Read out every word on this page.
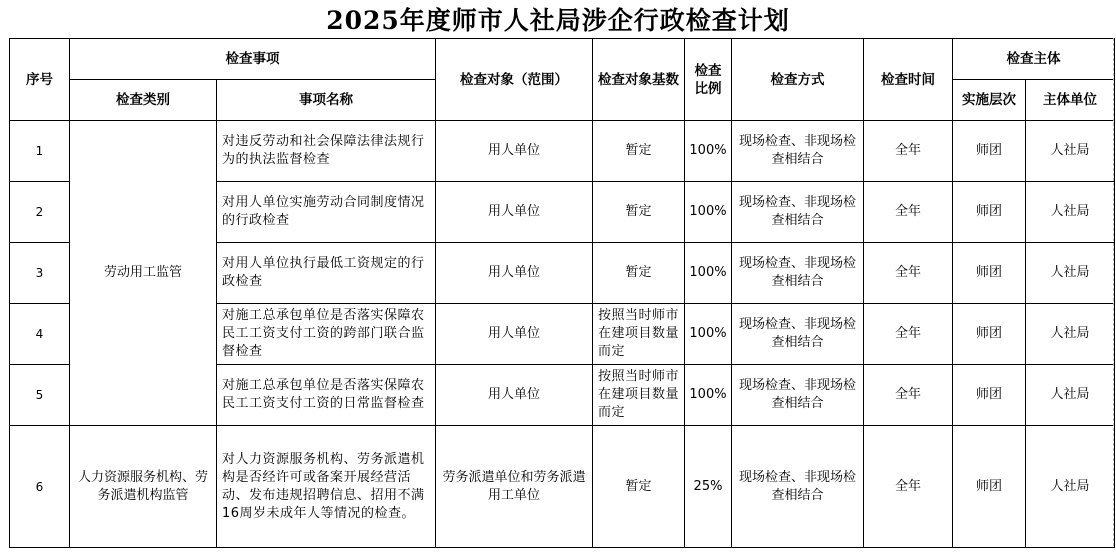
2025年度师市人社局涉企行政检查计划
序号	检查事项		检查对象（范围）	检查对象基数	检查比例	检查方式	检查时间	检查主体	
	检查类别	事项名称						实施层次	主体单位
1	劳动用工监管	对违反劳动和社会保障法律法规行为的执法监督检查	用人单位	暂定	100%	现场检查、非现场检查相结合	全年	师团	人社局
2		对用人单位实施劳动合同制度情况的行政检查	用人单位	暂定	100%	现场检查、非现场检查相结合	全年	师团	人社局
3		对用人单位执行最低工资规定的行政检查	用人单位	暂定	100%	现场检查、非现场检查相结合	全年	师团	人社局
4		对施工总承包单位是否落实保障农民工工资支付工资的跨部门联合监督检查	用人单位	按照当时师市在建项目数量而定	100%	现场检查、非现场检查相结合	全年	师团	人社局
5		对施工总承包单位是否落实保障农民工工资支付工资的日常监督检查	用人单位	按照当时师市在建项目数量而定	100%	现场检查、非现场检查相结合	全年	师团	人社局
6	人力资源服务机构、劳务派遣机构监管	对人力资源服务机构、劳务派遣机构是否经许可或备案开展经营活动、发布违规招聘信息、招用不满16周岁未成年人等情况的检查。	劳务派遣单位和劳务派遣用工单位	暂定	25%	现场检查、非现场检查相结合	全年	师团	人社局
